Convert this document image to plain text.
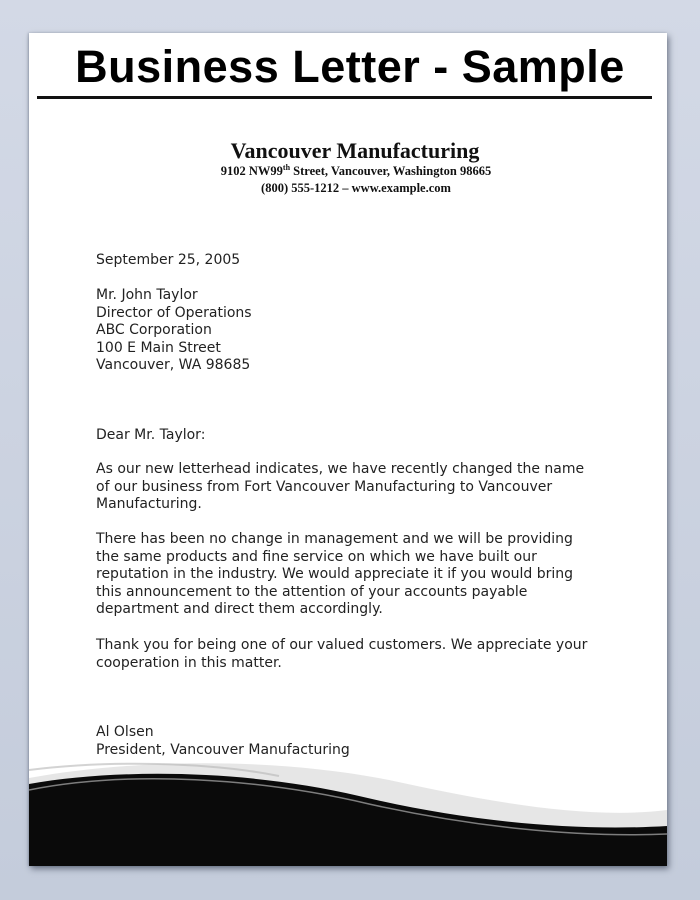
Business Letter - Sample
Vancouver Manufacturing
9102 NW99th Street, Vancouver, Washington 98665
(800) 555-1212 – www.example.com
September 25, 2005
Mr. John Taylor
Director of Operations
ABC Corporation
100 E Main Street
Vancouver, WA 98685
Dear Mr. Taylor:
As our new letterhead indicates, we have recently changed the name
of our business from Fort Vancouver Manufacturing to Vancouver
Manufacturing.
There has been no change in management and we will be providing
the same products and fine service on which we have built our
reputation in the industry. We would appreciate it if you would bring
this announcement to the attention of your accounts payable
department and direct them accordingly.
Thank you for being one of our valued customers. We appreciate your
cooperation in this matter.
Al Olsen
President, Vancouver Manufacturing
